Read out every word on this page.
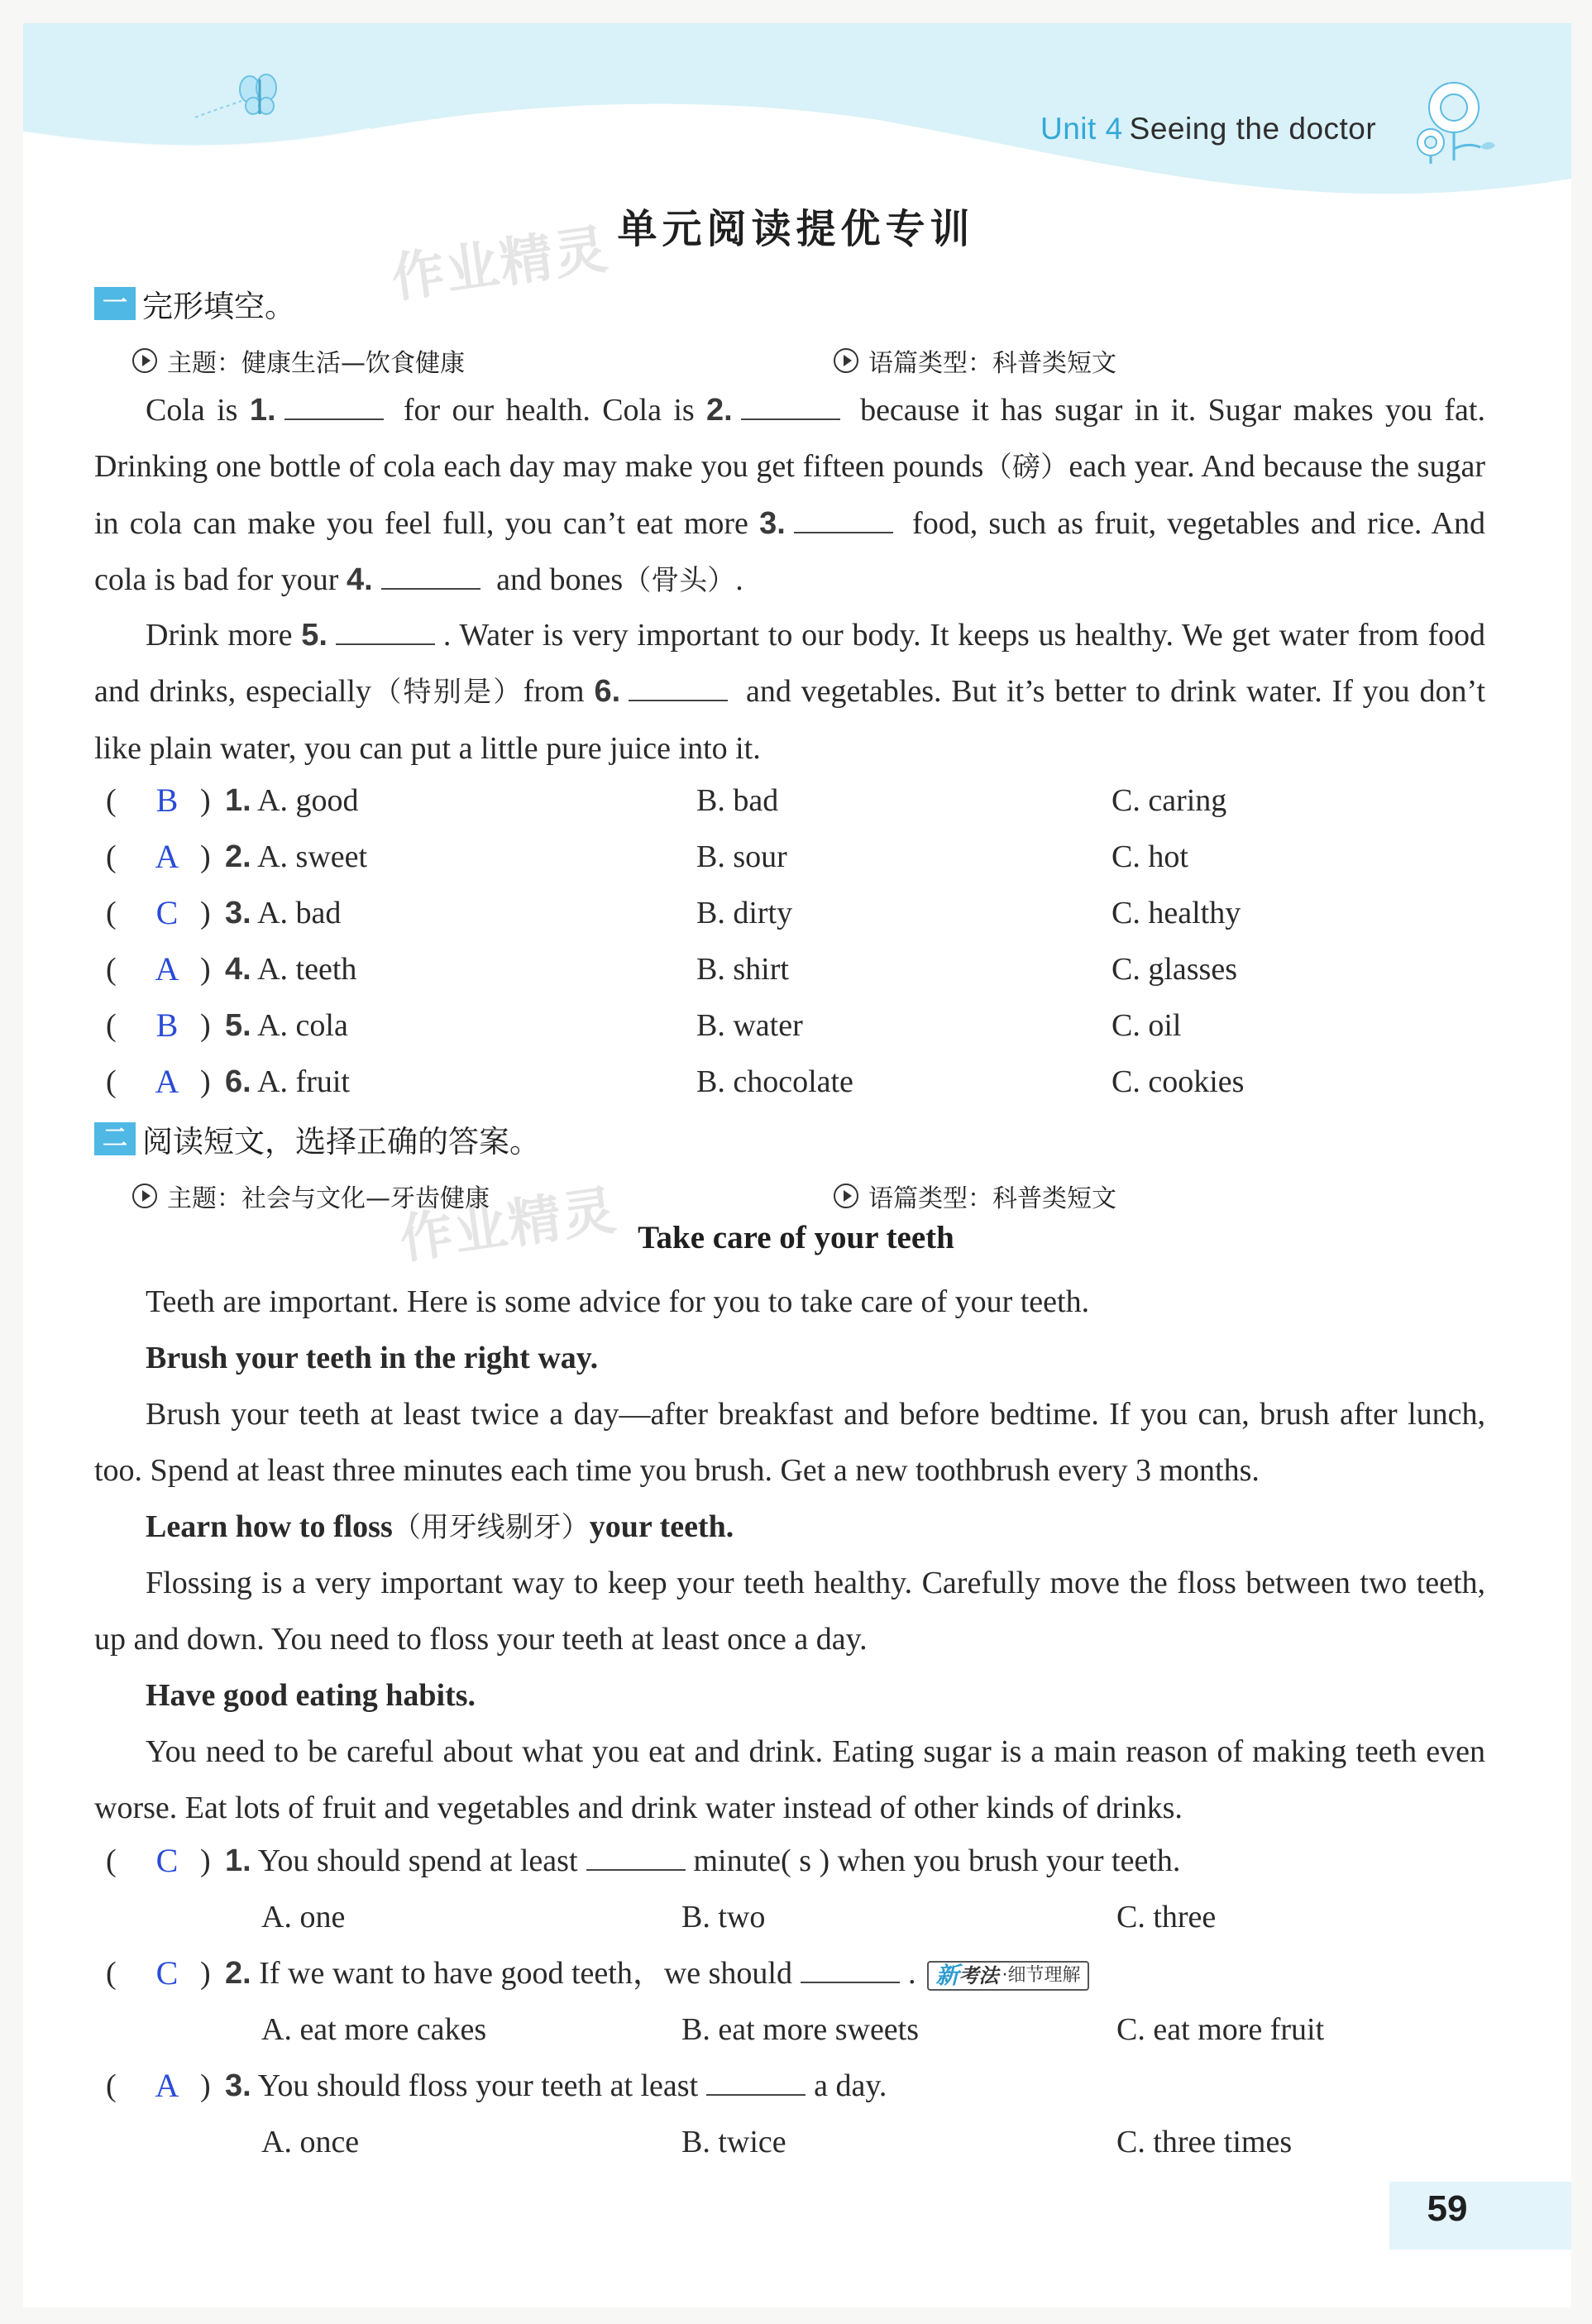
Unit 4 Seeing the doctor
单元阅读提优专训
作业精灵
作业精灵
一 完形填空。
主题：健康生活—饮食健康	语篇类型：科普类短文
Cola is 1.	for our health. Cola is 2.	because it has sugar in it. Sugar makes you fat. Drinking one bottle of cola each day may make you get fifteen pounds（磅）each year. And because the sugar in cola can make you feel full, you can’t eat more 3.	food, such as fruit, vegetables and rice. And cola is bad for your 4.	and bones（骨头）.
Drink more 5.	. Water is very important to our body. It keeps us healthy. We get water from food and drinks, especially（特别是）from 6.	and vegetables. But it’s better to drink water. If you don’t like plain water, you can put a little pure juice into it.
(	B ) 1. A. good	B. bad	C. caring
(	A ) 2. A. sweet	B. sour	C. hot
(	C ) 3. A. bad	B. dirty	C. healthy
(	A ) 4. A. teeth	B. shirt	C. glasses
(	B ) 5. A. cola	B. water	C. oil
(	A ) 6. A. fruit	B. chocolate	C. cookies
二 阅读短文，选择正确的答案。
主题：社会与文化—牙齿健康	语篇类型：科普类短文
Take care of your teeth
Teeth are important. Here is some advice for you to take care of your teeth.
Brush your teeth in the right way.
Brush your teeth at least twice a day—after breakfast and before bedtime. If you can, brush after lunch, too. Spend at least three minutes each time you brush. Get a new toothbrush every 3 months.
Learn how to floss（用牙线剔牙）your teeth.
Flossing is a very important way to keep your teeth healthy. Carefully move the floss between two teeth, up and down. You need to floss your teeth at least once a day.
Have good eating habits.
You need to be careful about what you eat and drink. Eating sugar is a main reason of making teeth even worse. Eat lots of fruit and vegetables and drink water instead of other kinds of drinks.
(	C ) 1. You should spend at least	minute( s ) when you brush your teeth.
A. one	B. two	C. three
(	C ) 2. If we want to have good teeth，we should	. 新 考法 ·细节理解
A. eat more cakes	B. eat more sweets	C. eat more fruit
(	A ) 3. You should floss your teeth at least	a day.
A. once	B. twice	C. three times
59
